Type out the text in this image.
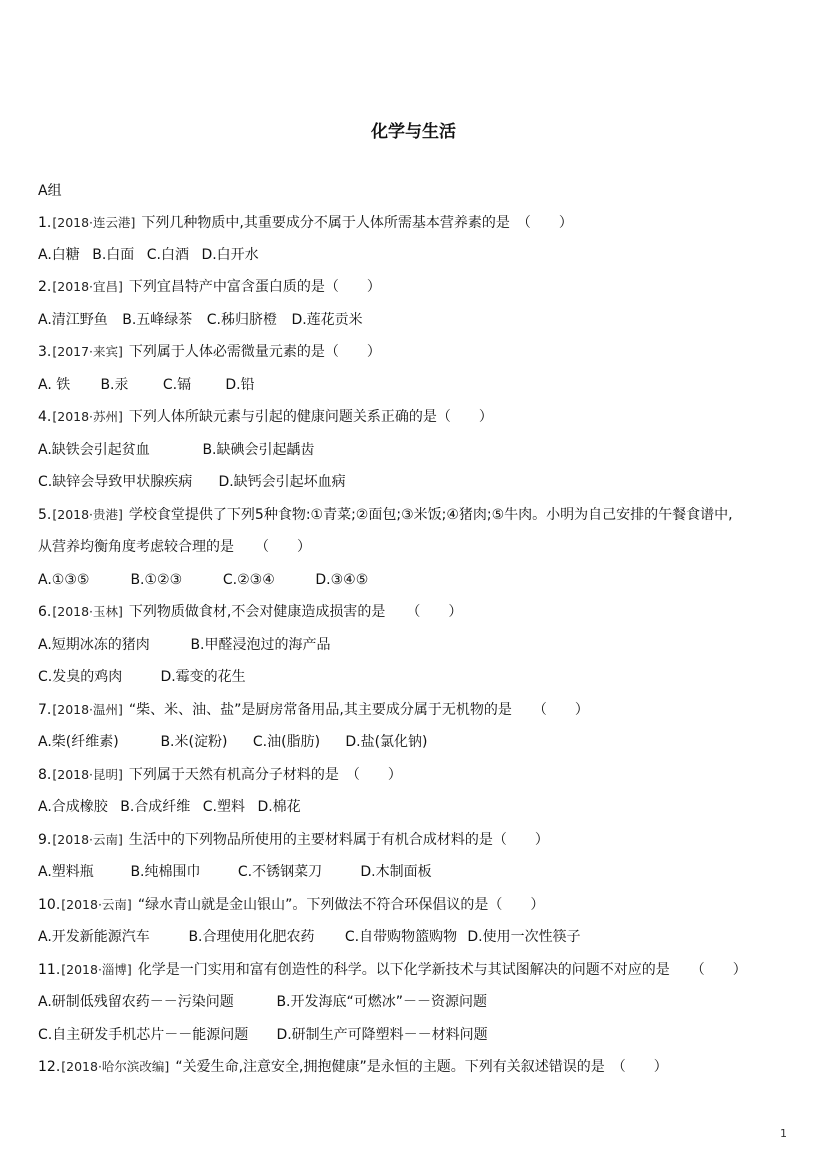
化学与生活
A组
1.[2018·连云港] 下列几种物质中,其重要成分不属于人体所需基本营养素的是　（　　）
A.白糖 B.白面 C.白酒 D.白开水
2.[2018·宜昌] 下列宜昌特产中富含蛋白质的是（　　）
A.清江野鱼 B.五峰绿茶 C.秭归脐橙 D.莲花贡米
3.[2017·来宾] 下列属于人体必需微量元素的是（　　）
A. 铁 B.汞 C.镉 D.铅
4.[2018·苏州] 下列人体所缺元素与引起的健康问题关系正确的是（　　）
A.缺铁会引起贫血	B.缺碘会引起龋齿
C.缺锌会导致甲状腺疾病 D.缺钙会引起坏血病
5.[2018·贵港] 学校食堂提供了下列5种食物:①青菜;②面包;③米饭;④猪肉;⑤牛肉。小明为自己安排的午餐食谱中,
从营养均衡角度考虑较合理的是　　（　　）
A.①③⑤	B.①②③	C.②③④	D.③④⑤
6.[2018·玉林] 下列物质做食材,不会对健康造成损害的是　　（　　）
A.短期冰冻的猪肉	B.甲醛浸泡过的海产品
C.发臭的鸡肉	D.霉变的花生
7.[2018·温州] “柴、米、油、盐”是厨房常备用品,其主要成分属于无机物的是　　（　　）
A.柴(纤维素)	B.米(淀粉) C.油(脂肪) D.盐(氯化钠)
8.[2018·昆明] 下列属于天然有机高分子材料的是　（　　）
A.合成橡胶 B.合成纤维 C.塑料 D.棉花
9.[2018·云南] 生活中的下列物品所使用的主要材料属于有机合成材料的是（　　）
A.塑料瓶	B.纯棉围巾	C.不锈钢菜刀	D.木制面板
10.[2018·云南] “绿水青山就是金山银山”。下列做法不符合环保倡议的是（　　）
A.开发新能源汽车	B.合理使用化肥农药 C.自带购物篮购物 D.使用一次性筷子
11.[2018·淄博] 化学是一门实用和富有创造性的科学。以下化学新技术与其试图解决的问题不对应的是　　（　　）
A.研制低残留农药－－污染问题	B.开发海底“可燃冰”－－资源问题
C.自主研发手机芯片－－能源问题 D.研制生产可降塑料－－材料问题
12.[2018·哈尔滨改编] “关爱生命,注意安全,拥抱健康”是永恒的主题。下列有关叙述错误的是　（　　）
1
